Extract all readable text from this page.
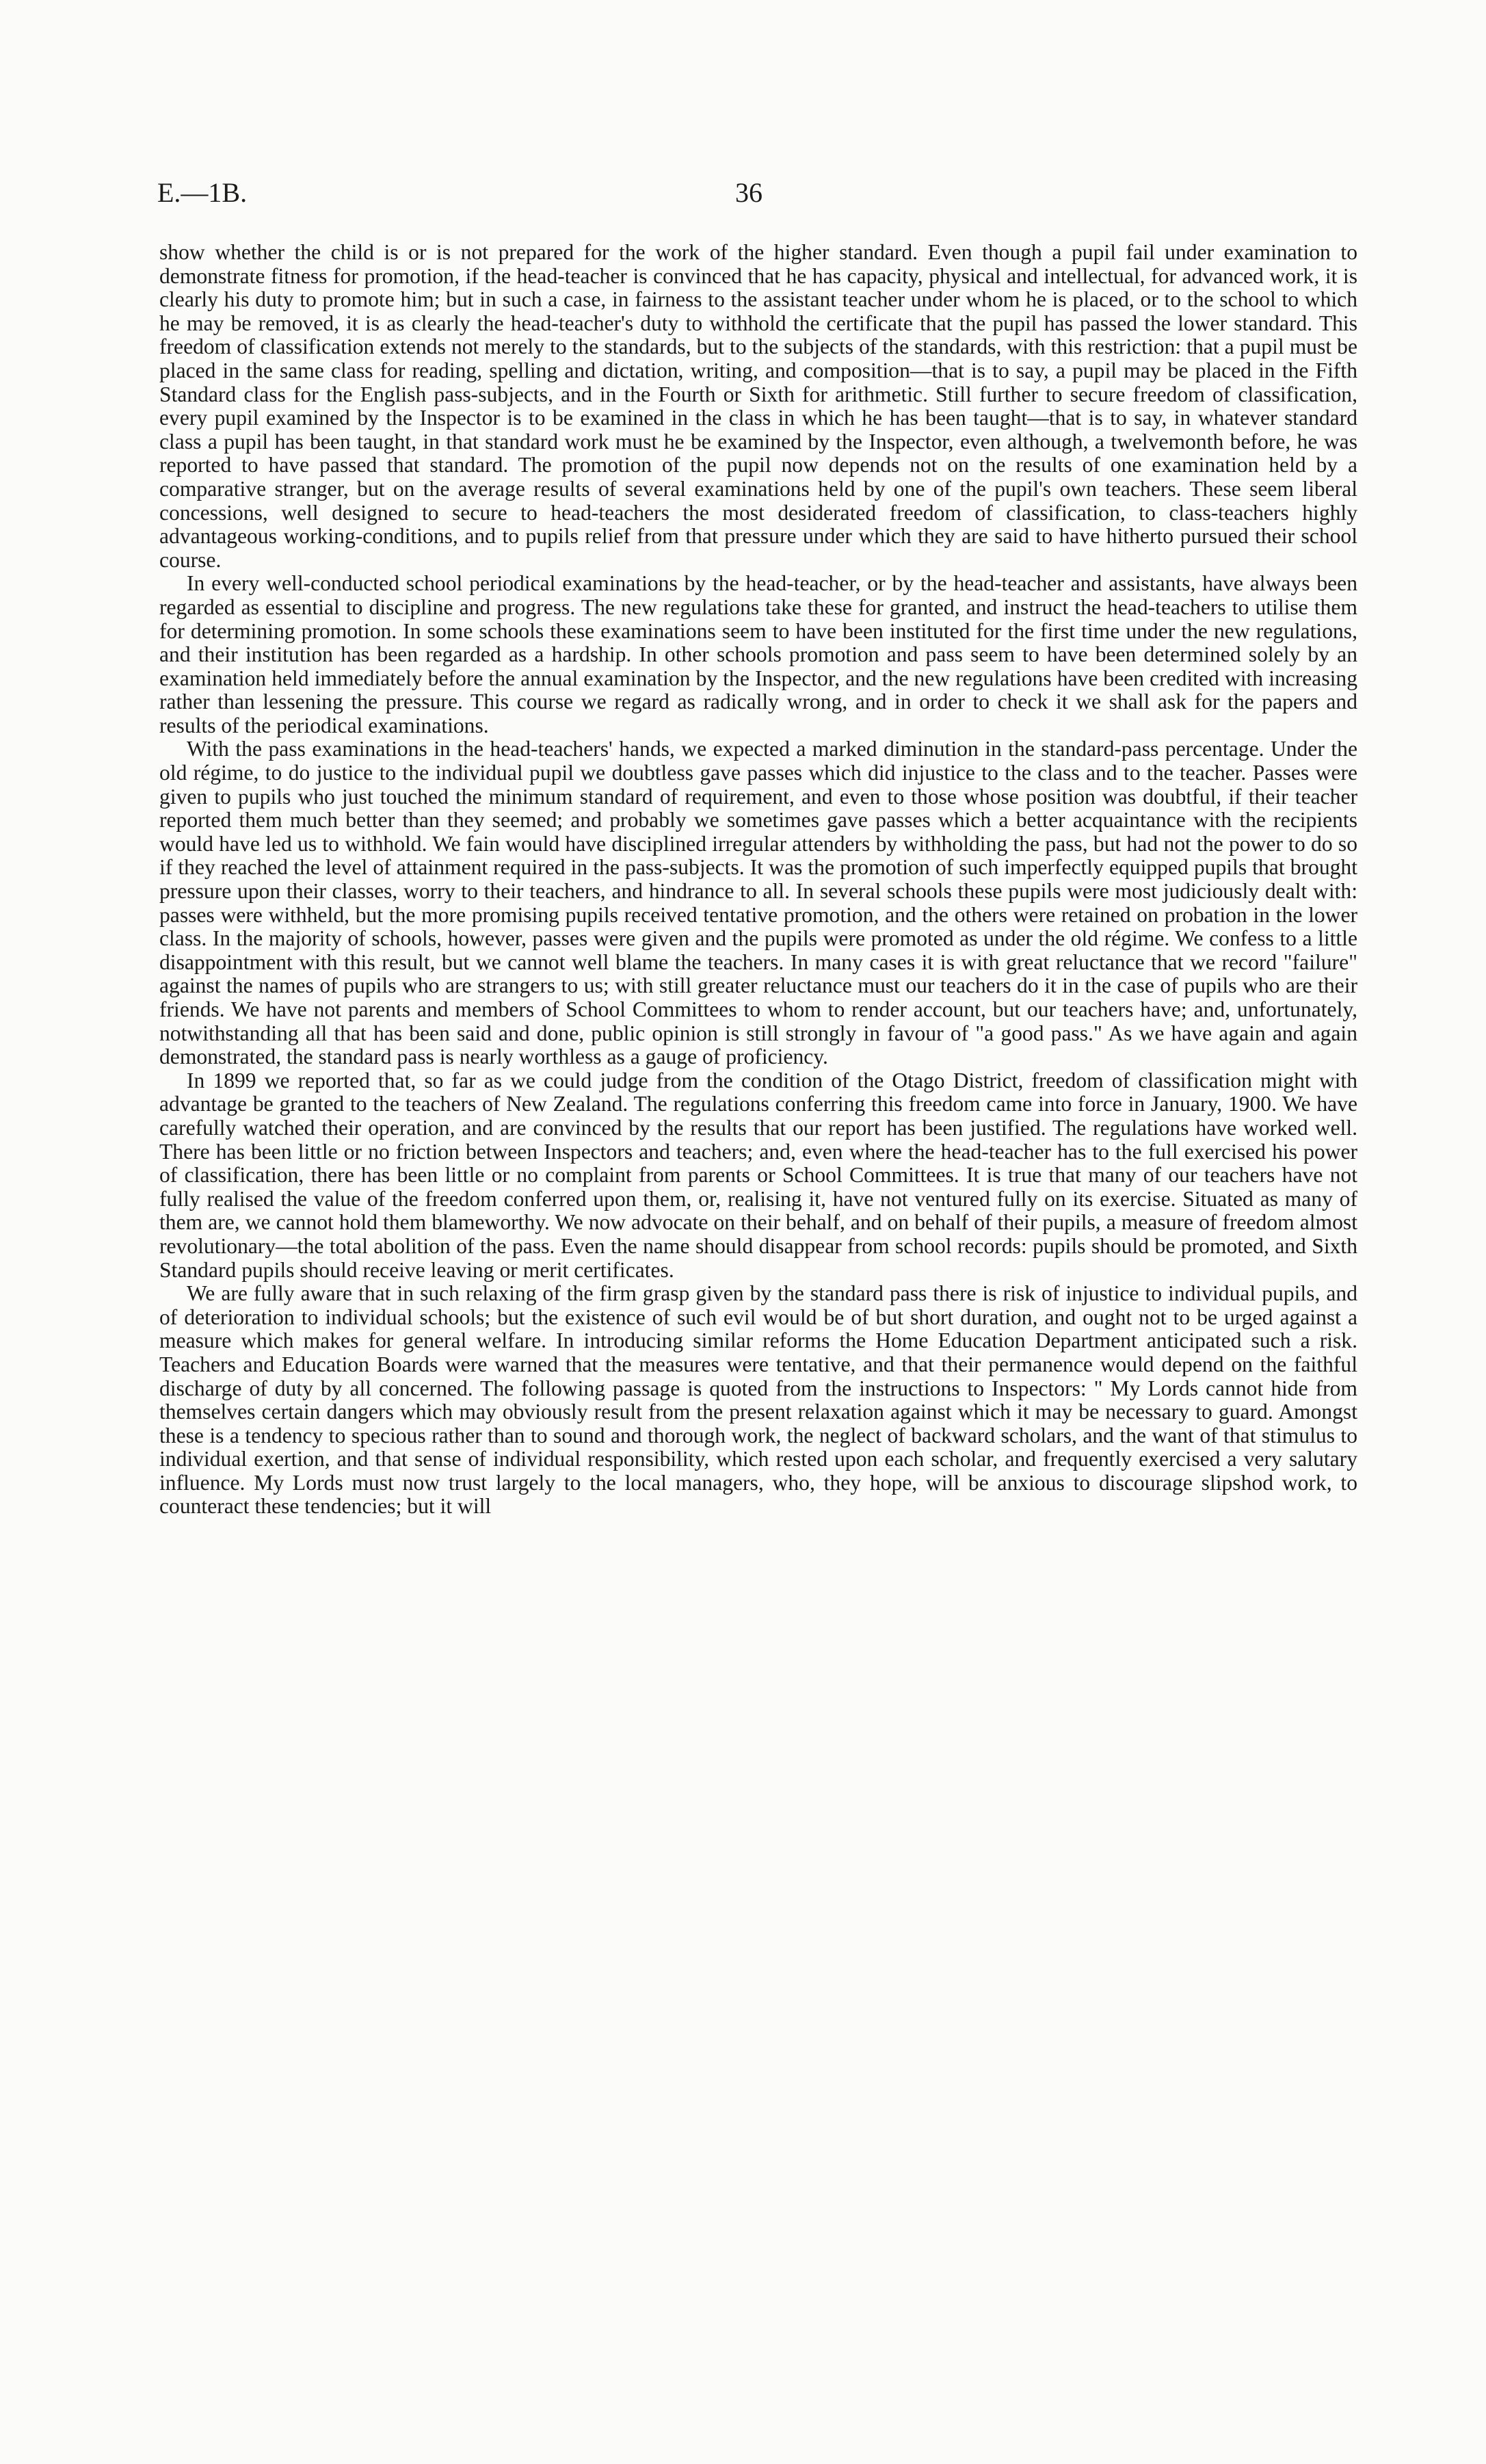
E.—1B.	36

show whether the child is or is not prepared for the work of the higher standard. Even though a pupil fail under examination to demonstrate fitness for promotion, if the head-teacher is convinced that he has capacity, physical and intellectual, for advanced work, it is clearly his duty to promote him; but in such a case, in fairness to the assistant teacher under whom he is placed, or to the school to which he may be removed, it is as clearly the head-teacher's duty to withhold the certificate that the pupil has passed the lower standard. This freedom of classification extends not merely to the standards, but to the subjects of the standards, with this restriction: that a pupil must be placed in the same class for reading, spelling and dictation, writing, and composition—that is to say, a pupil may be placed in the Fifth Standard class for the English pass-subjects, and in the Fourth or Sixth for arithmetic. Still further to secure freedom of classification, every pupil examined by the Inspector is to be examined in the class in which he has been taught—that is to say, in whatever standard class a pupil has been taught, in that standard work must he be examined by the Inspector, even although, a twelvemonth before, he was reported to have passed that standard. The promotion of the pupil now depends not on the results of one examination held by a comparative stranger, but on the average results of several examinations held by one of the pupil's own teachers. These seem liberal concessions, well designed to secure to head-teachers the most desiderated freedom of classification, to class-teachers highly advantageous working-conditions, and to pupils relief from that pressure under which they are said to have hitherto pursued their school course.

In every well-conducted school periodical examinations by the head-teacher, or by the head-teacher and assistants, have always been regarded as essential to discipline and progress. The new regulations take these for granted, and instruct the head-teachers to utilise them for determining promotion. In some schools these examinations seem to have been instituted for the first time under the new regulations, and their institution has been regarded as a hardship. In other schools promotion and pass seem to have been determined solely by an examination held immediately before the annual examination by the Inspector, and the new regulations have been credited with increasing rather than lessening the pressure. This course we regard as radically wrong, and in order to check it we shall ask for the papers and results of the periodical examinations.

With the pass examinations in the head-teachers' hands, we expected a marked diminution in the standard-pass percentage. Under the old régime, to do justice to the individual pupil we doubtless gave passes which did injustice to the class and to the teacher. Passes were given to pupils who just touched the minimum standard of requirement, and even to those whose position was doubtful, if their teacher reported them much better than they seemed; and probably we sometimes gave passes which a better acquaintance with the recipients would have led us to withhold. We fain would have disciplined irregular attenders by withholding the pass, but had not the power to do so if they reached the level of attainment required in the pass-subjects. It was the promotion of such imperfectly equipped pupils that brought pressure upon their classes, worry to their teachers, and hindrance to all. In several schools these pupils were most judiciously dealt with: passes were withheld, but the more promising pupils received tentative promotion, and the others were retained on probation in the lower class. In the majority of schools, however, passes were given and the pupils were promoted as under the old régime. We confess to a little disappointment with this result, but we cannot well blame the teachers. In many cases it is with great reluctance that we record "failure" against the names of pupils who are strangers to us; with still greater reluctance must our teachers do it in the case of pupils who are their friends. We have not parents and members of School Committees to whom to render account, but our teachers have; and, unfortunately, notwithstanding all that has been said and done, public opinion is still strongly in favour of "a good pass." As we have again and again demonstrated, the standard pass is nearly worthless as a gauge of proficiency.

In 1899 we reported that, so far as we could judge from the condition of the Otago District, freedom of classification might with advantage be granted to the teachers of New Zealand. The regulations conferring this freedom came into force in January, 1900. We have carefully watched their operation, and are convinced by the results that our report has been justified. The regulations have worked well. There has been little or no friction between Inspectors and teachers; and, even where the head-teacher has to the full exercised his power of classification, there has been little or no complaint from parents or School Committees. It is true that many of our teachers have not fully realised the value of the freedom conferred upon them, or, realising it, have not ventured fully on its exercise. Situated as many of them are, we cannot hold them blameworthy. We now advocate on their behalf, and on behalf of their pupils, a measure of freedom almost revolutionary—the total abolition of the pass. Even the name should disappear from school records: pupils should be promoted, and Sixth Standard pupils should receive leaving or merit certificates.

We are fully aware that in such relaxing of the firm grasp given by the standard pass there is risk of injustice to individual pupils, and of deterioration to individual schools; but the existence of such evil would be of but short duration, and ought not to be urged against a measure which makes for general welfare. In introducing similar reforms the Home Education Department anticipated such a risk. Teachers and Education Boards were warned that the measures were tentative, and that their permanence would depend on the faithful discharge of duty by all concerned. The following passage is quoted from the instructions to Inspectors: " My Lords cannot hide from themselves certain dangers which may obviously result from the present relaxation against which it may be necessary to guard. Amongst these is a tendency to specious rather than to sound and thorough work, the neglect of backward scholars, and the want of that stimulus to individual exertion, and that sense of individual responsibility, which rested upon each scholar, and frequently exercised a very salutary influence. My Lords must now trust largely to the local managers, who, they hope, will be anxious to discourage slipshod work, to counteract these tendencies; but it will
